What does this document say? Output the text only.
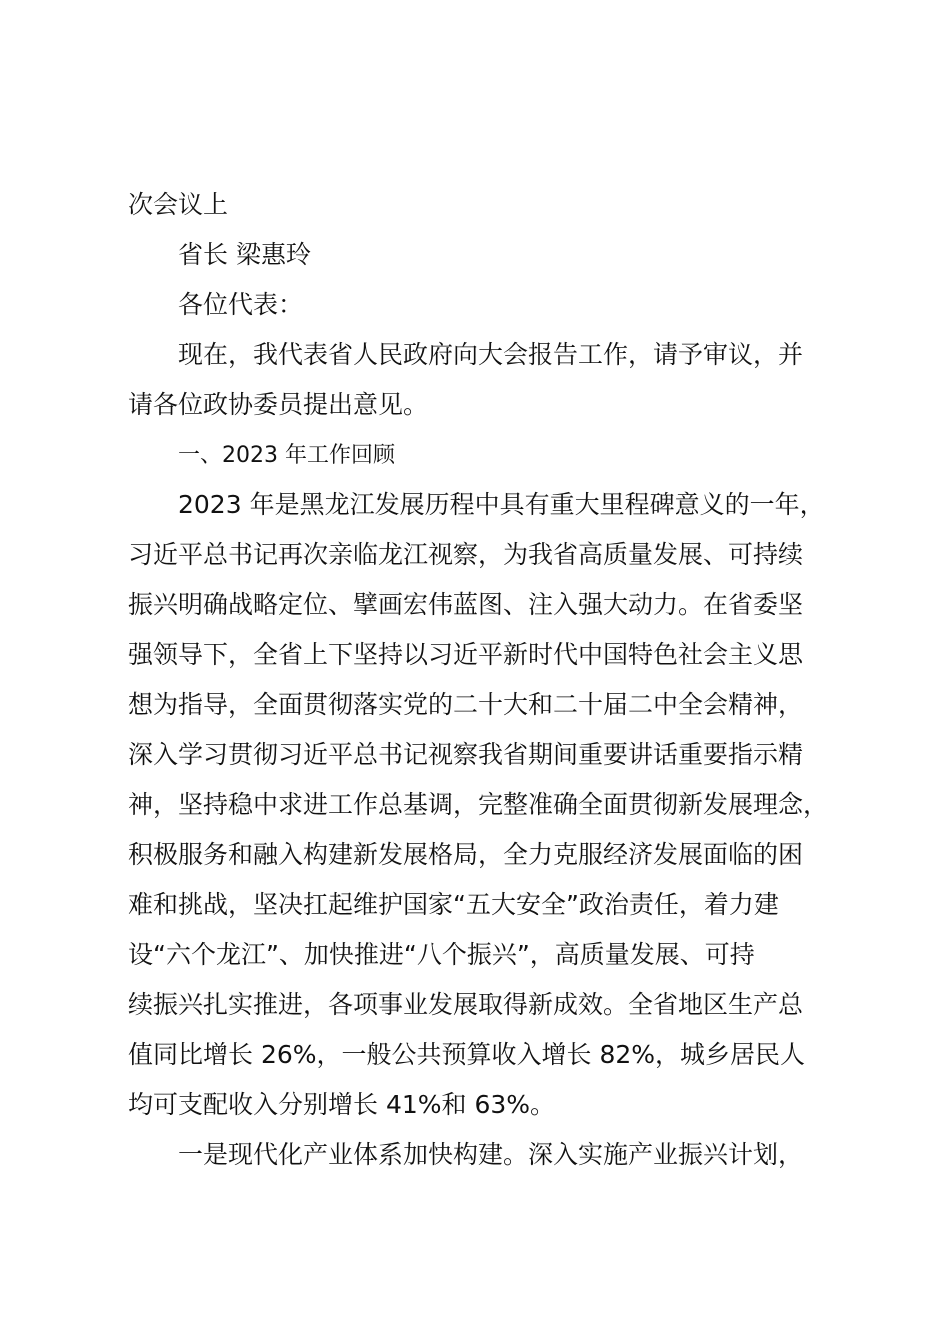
次会议上
省长 梁惠玲
各位代表：
现在，我代表省人民政府向大会报告工作，请予审议，并
请各位政协委员提出意见。
一、2023 年工作回顾
2023 年是黑龙江发展历程中具有重大里程碑意义的一年，
习近平总书记再次亲临龙江视察，为我省高质量发展、可持续
振兴明确战略定位、擘画宏伟蓝图、注入强大动力。在省委坚
强领导下，全省上下坚持以习近平新时代中国特色社会主义思
想为指导，全面贯彻落实党的二十大和二十届二中全会精神，
深入学习贯彻习近平总书记视察我省期间重要讲话重要指示精
神，坚持稳中求进工作总基调，完整准确全面贯彻新发展理念，
积极服务和融入构建新发展格局，全力克服经济发展面临的困
难和挑战，坚决扛起维护国家“五大安全”政治责任，着力建
设“六个龙江”、加快推进“八个振兴”，高质量发展、可持
续振兴扎实推进，各项事业发展取得新成效。全省地区生产总
值同比增长 26%，一般公共预算收入增长 82%，城乡居民人
均可支配收入分别增长 41%和 63%。
一是现代化产业体系加快构建。深入实施产业振兴计划，
